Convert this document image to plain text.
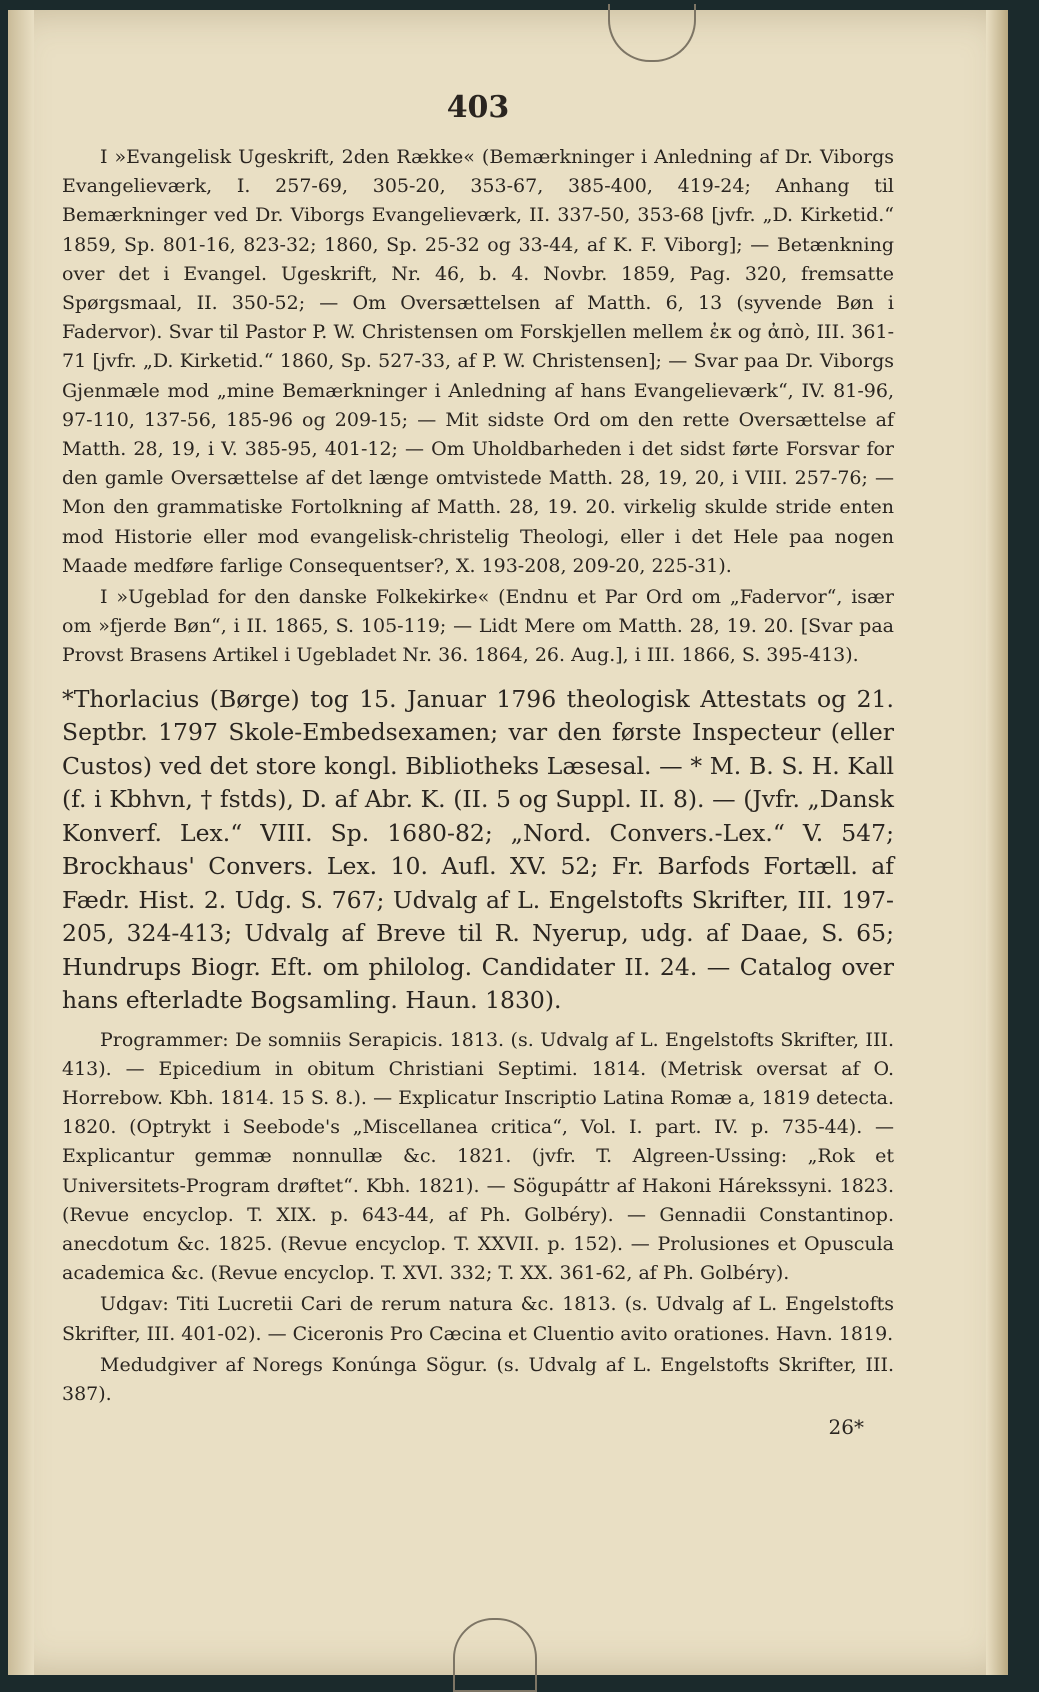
403

I »Evangelisk Ugeskrift, 2den Række« (Bemærkninger i Anledning af Dr. Viborgs Evangelieværk, I. 257-69, 305-20, 353-67, 385-400, 419-24; Anhang til Bemærkninger ved Dr. Viborgs Evangelieværk, II. 337-50, 353-68 [jvfr. „D. Kirketid.“ 1859, Sp. 801-16, 823-32; 1860, Sp. 25-32 og 33-44, af K. F. Viborg]; — Betænkning over det i Evangel. Ugeskrift, Nr. 46, b. 4. Novbr. 1859, Pag. 320, fremsatte Spørgsmaal, II. 350-52; — Om Oversættelsen af Matth. 6, 13 (syvende Bøn i Fadervor). Svar til Pastor P. W. Christensen om Forskjellen mellem ἐκ og ἀπὸ, III. 361-71 [jvfr. „D. Kirketid.“ 1860, Sp. 527-33, af P. W. Christensen]; — Svar paa Dr. Viborgs Gjenmæle mod „mine Bemærkninger i Anledning af hans Evangelieværk“, IV. 81-96, 97-110, 137-56, 185-96 og 209-15; — Mit sidste Ord om den rette Oversættelse af Matth. 28, 19, i V. 385-95, 401-12; — Om Uholdbarheden i det sidst førte Forsvar for den gamle Oversættelse af det længe omtvistede Matth. 28, 19, 20, i VIII. 257-76; — Mon den grammatiske Fortolkning af Matth. 28, 19. 20. virkelig skulde stride enten mod Historie eller mod evangelisk-christelig Theologi, eller i det Hele paa nogen Maade medføre farlige Consequentser?, X. 193-208, 209-20, 225-31).

I »Ugeblad for den danske Folkekirke« (Endnu et Par Ord om „Fadervor“, især om »fjerde Bøn“, i II. 1865, S. 105-119; — Lidt Mere om Matth. 28, 19. 20. [Svar paa Provst Brasens Artikel i Ugebladet Nr. 36. 1864, 26. Aug.], i III. 1866, S. 395-413).

*Thorlacius (Børge) tog 15. Januar 1796 theologisk Attestats og 21. Septbr. 1797 Skole-Embedsexamen; var den første Inspecteur (eller Custos) ved det store kongl. Bibliotheks Læsesal. — * M. B. S. H. Kall (f. i Kbhvn, † fstds), D. af Abr. K. (II. 5 og Suppl. II. 8). — (Jvfr. „Dansk Konverf. Lex.“ VIII. Sp. 1680-82; „Nord. Convers.-Lex.“ V. 547; Brockhaus' Convers. Lex. 10. Aufl. XV. 52; Fr. Barfods Fortæll. af Fædr. Hist. 2. Udg. S. 767; Udvalg af L. Engelstofts Skrifter, III. 197-205, 324-413; Udvalg af Breve til R. Nyerup, udg. af Daae, S. 65; Hundrups Biogr. Eft. om philolog. Candidater II. 24. — Catalog over hans efterladte Bogsamling. Haun. 1830).

Programmer: De somniis Serapicis. 1813. (s. Udvalg af L. Engelstofts Skrifter, III. 413). — Epicedium in obitum Christiani Septimi. 1814. (Metrisk oversat af O. Horrebow. Kbh. 1814. 15 S. 8.). — Explicatur Inscriptio Latina Romæ a, 1819 detecta. 1820. (Optrykt i Seebode's „Miscellanea critica“, Vol. I. part. IV. p. 735-44). — Explicantur gemmæ nonnullæ &c. 1821. (jvfr. T. Algreen-Ussing: „Rok et Universitets-Program drøftet“. Kbh. 1821). — Sögupáttr af Hakoni Hárekssyni. 1823. (Revue encyclop. T. XIX. p. 643-44, af Ph. Golbéry). — Gennadii Constantinop. anecdotum &c. 1825. (Revue encyclop. T. XXVII. p. 152). — Prolusiones et Opuscula academica &c. (Revue encyclop. T. XVI. 332; T. XX. 361-62, af Ph. Golbéry).

Udgav: Titi Lucretii Cari de rerum natura &c. 1813. (s. Udvalg af L. Engelstofts Skrifter, III. 401-02). — Ciceronis Pro Cæcina et Cluentio avito orationes. Havn. 1819.

Medudgiver af Noregs Konúnga Sögur. (s. Udvalg af L. Engelstofts Skrifter, III. 387).

26*
